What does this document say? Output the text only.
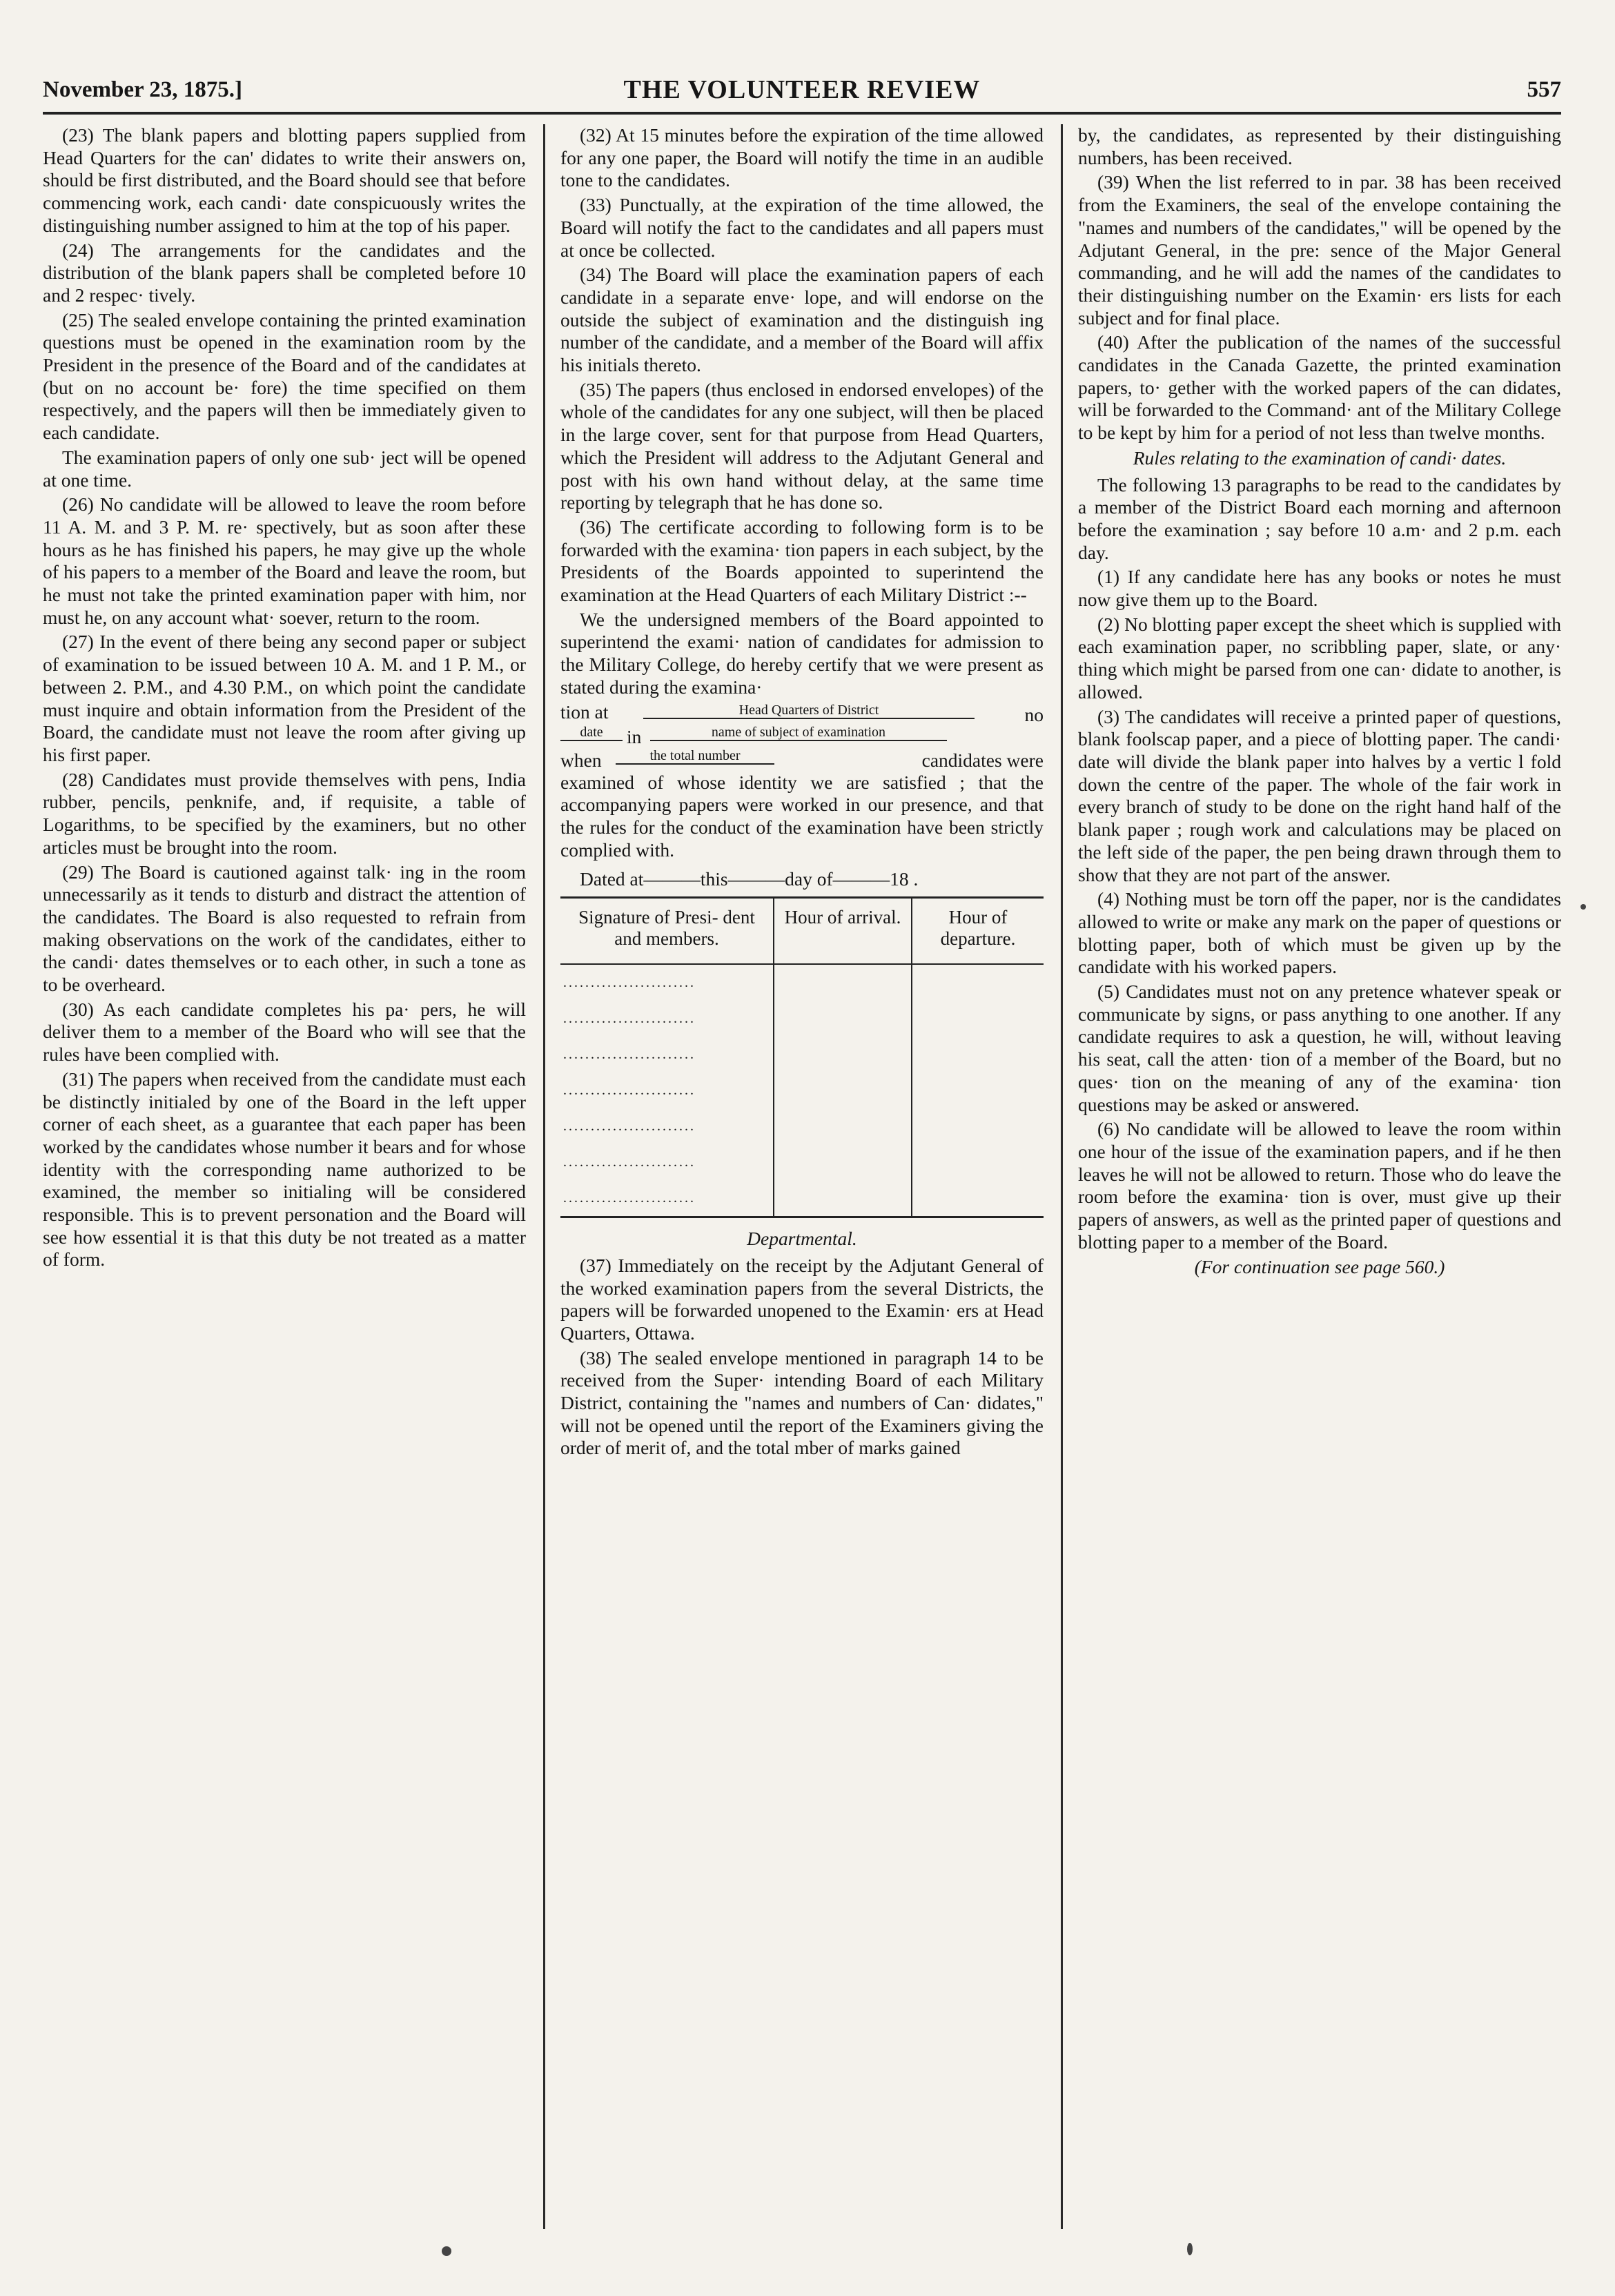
November 23, 1875.]	THE VOLUNTEER REVIEW	557

(23) The blank papers and blotting papers supplied from Head Quarters for the can' didates to write their answers on, should be first distributed, and the Board should see that before commencing work, each candi· date conspicuously writes the distinguishing number assigned to him at the top of his paper.

(24) The arrangements for the candidates and the distribution of the blank papers shall be completed before 10 and 2 respec· tively.

(25) The sealed envelope containing the printed examination questions must be opened in the examination room by the President in the presence of the Board and of the candidates at (but on no account be· fore) the time specified on them respectively, and the papers will then be immediately given to each candidate.

The examination papers of only one sub· ject will be opened at one time.

(26) No candidate will be allowed to leave the room before 11 A. M. and 3 P. M. re· spectively, but as soon after these hours as he has finished his papers, he may give up the whole of his papers to a member of the Board and leave the room, but he must not take the printed examination paper with him, nor must he, on any account what· soever, return to the room.

(27) In the event of there being any second paper or subject of examination to be issued between 10 A. M. and 1 P. M., or between 2. P.M., and 4.30 P.M., on which point the candidate must inquire and obtain information from the President of the Board, the candidate must not leave the room after giving up his first paper.

(28) Candidates must provide themselves with pens, India rubber, pencils, penknife, and, if requisite, a table of Logarithms, to be specified by the examiners, but no other articles must be brought into the room.

(29) The Board is cautioned against talk· ing in the room unnecessarily as it tends to disturb and distract the attention of the candidates. The Board is also requested to refrain from making observations on the work of the candidates, either to the candi· dates themselves or to each other, in such a tone as to be overheard.

(30) As each candidate completes his pa· pers, he will deliver them to a member of the Board who will see that the rules have been complied with.

(31) The papers when received from the candidate must each be distinctly initialed by one of the Board in the left upper corner of each sheet, as a guarantee that each paper has been worked by the candidates whose number it bears and for whose identity with the corresponding name authorized to be examined, the member so initialing will be considered responsible. This is to prevent personation and the Board will see how essential it is that this duty be not treated as a matter of form.

(32) At 15 minutes before the expiration of the time allowed for any one paper, the Board will notify the time in an audible tone to the candidates.

(33) Punctually, at the expiration of the time allowed, the Board will notify the fact to the candidates and all papers must at once be collected.

(34) The Board will place the examination papers of each candidate in a separate enve· lope, and will endorse on the outside the subject of examination and the distinguish ing number of the candidate, and a member of the Board will affix his initials thereto.

(35) The papers (thus enclosed in endorsed envelopes) of the whole of the candidates for any one subject, will then be placed in the large cover, sent for that purpose from Head Quarters, which the President will address to the Adjutant General and post with his own hand without delay, at the same time reporting by telegraph that he has done so.

(36) The certificate according to following form is to be forwarded with the examina· tion papers in each subject, by the Presidents of the Boards appointed to superintend the examination at the Head Quarters of each Military District :--

We the undersigned members of the Board appointed to superintend the exami· nation of candidates for admission to the Military College, do hereby certify that we were present as stated during the examina·

tion at	Head Quarters of District	no
date	in	name of subject of examination
when	the total number	candidates were

examined of whose identity we are satisfied ; that the accompanying papers were worked in our presence, and that the rules for the conduct of the examination have been strictly complied with.

Dated at———this———day of———18 .

Signature of Presi- dent and members.	Hour of arrival.	Hour of departure.
........................		
........................		
........................		
........................		
........................		
........................		
........................		

Departmental.

(37) Immediately on the receipt by the Adjutant General of the worked examination papers from the several Districts, the papers will be forwarded unopened to the Examin· ers at Head Quarters, Ottawa.

(38) The sealed envelope mentioned in paragraph 14 to be received from the Super· intending Board of each Military District, containing the "names and numbers of Can· didates," will not be opened until the report of the Examiners giving the order of merit of, and the total mber of marks gained

by, the candidates, as represented by their distinguishing numbers, has been received.

(39) When the list referred to in par. 38 has been received from the Examiners, the seal of the envelope containing the "names and numbers of the candidates," will be opened by the Adjutant General, in the pre: sence of the Major General commanding, and he will add the names of the candidates to their distinguishing number on the Examin· ers lists for each subject and for final place.

(40) After the publication of the names of the successful candidates in the Canada Gazette, the printed examination papers, to· gether with the worked papers of the can didates, will be forwarded to the Command· ant of the Military College to be kept by him for a period of not less than twelve months.

Rules relating to the examination of candi· dates.

The following 13 paragraphs to be read to the candidates by a member of the District Board each morning and afternoon before the examination ; say before 10 a.m· and 2 p.m. each day.

(1) If any candidate here has any books or notes he must now give them up to the Board.

(2) No blotting paper except the sheet which is supplied with each examination paper, no scribbling paper, slate, or any· thing which might be parsed from one can· didate to another, is allowed.

(3) The candidates will receive a printed paper of questions, blank foolscap paper, and a piece of blotting paper. The candi· date will divide the blank paper into halves by a vertic l fold down the centre of the paper. The whole of the fair work in every branch of study to be done on the right hand half of the blank paper ; rough work and calculations may be placed on the left side of the paper, the pen being drawn through them to show that they are not part of the answer.

(4) Nothing must be torn off the paper, nor is the candidates allowed to write or make any mark on the paper of questions or blotting paper, both of which must be given up by the candidate with his worked papers.

(5) Candidates must not on any pretence whatever speak or communicate by signs, or pass anything to one another. If any candidate requires to ask a question, he will, without leaving his seat, call the atten· tion of a member of the Board, but no ques· tion on the meaning of any of the examina· tion questions may be asked or answered.

(6) No candidate will be allowed to leave the room within one hour of the issue of the examination papers, and if he then leaves he will not be allowed to return. Those who do leave the room before the examina· tion is over, must give up their papers of answers, as well as the printed paper of questions and blotting paper to a member of the Board.

(For continuation see page 560.)
